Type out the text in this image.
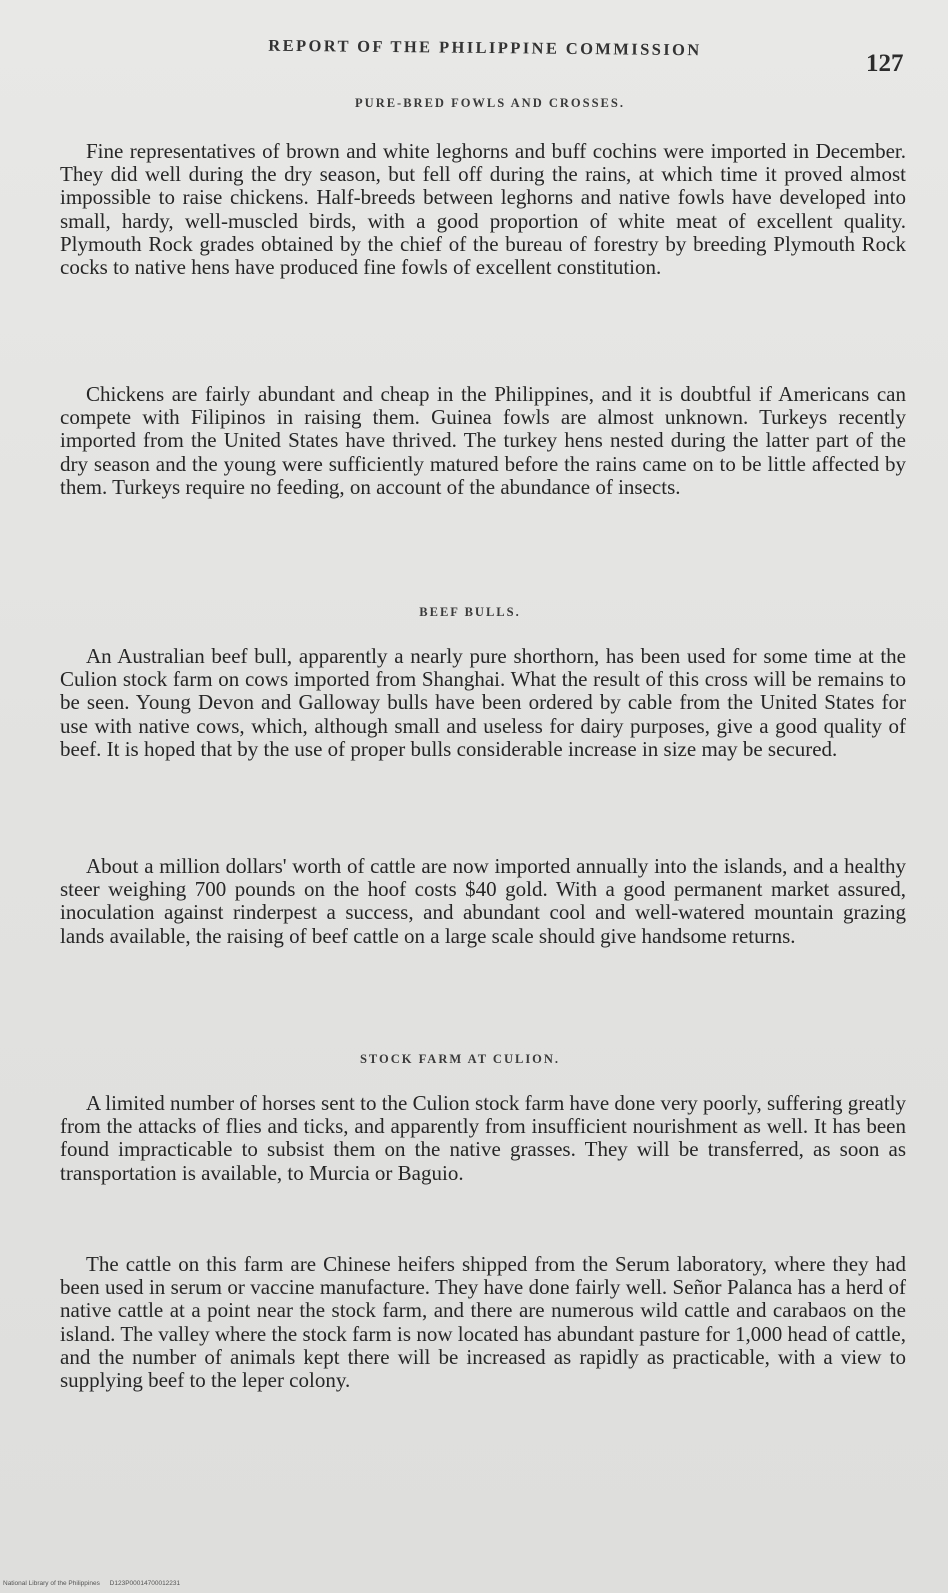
REPORT OF THE PHILIPPINE COMMISSION
127
PURE-BRED FOWLS AND CROSSES.

Fine representatives of brown and white leghorns and buff cochins were imported in December. They did well during the dry season, but fell off during the rains, at which time it proved almost impossible to raise chickens. Half-breeds between leghorns and native fowls have developed into small, hardy, well-muscled birds, with a good proportion of white meat of excellent quality. Plymouth Rock grades obtained by the chief of the bureau of forestry by breeding Plymouth Rock cocks to native hens have produced fine fowls of excellent constitution.

Chickens are fairly abundant and cheap in the Philippines, and it is doubtful if Americans can compete with Filipinos in raising them. Guinea fowls are almost unknown. Turkeys recently imported from the United States have thrived. The turkey hens nested during the latter part of the dry season and the young were sufficiently matured before the rains came on to be little affected by them. Turkeys require no feeding, on account of the abundance of insects.

BEEF BULLS.

An Australian beef bull, apparently a nearly pure shorthorn, has been used for some time at the Culion stock farm on cows imported from Shanghai. What the result of this cross will be remains to be seen. Young Devon and Galloway bulls have been ordered by cable from the United States for use with native cows, which, although small and useless for dairy purposes, give a good quality of beef. It is hoped that by the use of proper bulls considerable increase in size may be secured.

About a million dollars' worth of cattle are now imported annually into the islands, and a healthy steer weighing 700 pounds on the hoof costs $40 gold. With a good permanent market assured, inoculation against rinderpest a success, and abundant cool and well-watered mountain grazing lands available, the raising of beef cattle on a large scale should give handsome returns.

STOCK FARM AT CULION.

A limited number of horses sent to the Culion stock farm have done very poorly, suffering greatly from the attacks of flies and ticks, and apparently from insufficient nourishment as well. It has been found impracticable to subsist them on the native grasses. They will be transferred, as soon as transportation is available, to Murcia or Baguio.

The cattle on this farm are Chinese heifers shipped from the Serum laboratory, where they had been used in serum or vaccine manufacture. They have done fairly well. Señor Palanca has a herd of native cattle at a point near the stock farm, and there are numerous wild cattle and carabaos on the island. The valley where the stock farm is now located has abundant pasture for 1,000 head of cattle, and the number of animals kept there will be increased as rapidly as practicable, with a view to supplying beef to the leper colony.

National Library of the Philippines D123P00014700012231
